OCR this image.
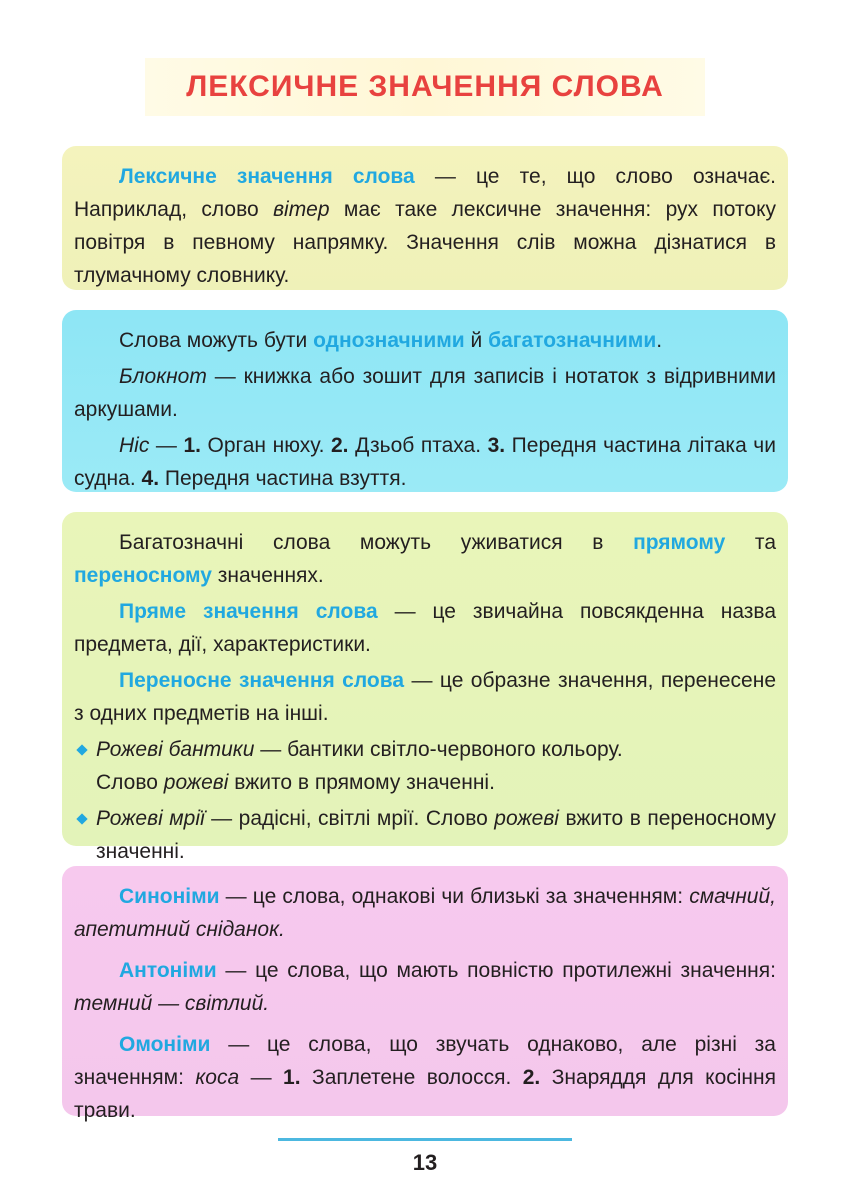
ЛЕКСИЧНЕ ЗНАЧЕННЯ СЛОВА

Лексичне значення слова — це те, що слово означає. Наприклад, слово вітер має таке лексичне значення: рух потоку повітря в певному напрямку. Значення слів можна дізнатися в тлумачному словнику.

Слова можуть бути однозначними й багатозначними.

Блокнот — книжка або зошит для записів і нотаток з відривними аркушами.

Ніс — 1. Орган нюху. 2. Дзьоб птаха. 3. Передня частина літака чи судна. 4. Передня частина взуття.

Багатозначні слова можуть уживатися в прямому та переносному значеннях.

Пряме значення слова — це звичайна повсякденна назва предмета, дії, характеристики.

Переносне значення слова — це образне значення, перенесене з одних предметів на інші.

Рожеві бантики — бантики світло-червоного кольору.
Слово рожеві вжито в прямому значенні.

Рожеві мрії — радісні, світлі мрії. Слово рожеві вжито в переносному значенні.

Синоніми — це слова, однакові чи близькі за значенням: смачний, апетитний сніданок.

Антоніми — це слова, що мають повністю протилежні значення: темний — світлий.

Омоніми — це слова, що звучать однаково, але різні за значенням: коса — 1. Заплетене волосся. 2. Знаряддя для косіння трави.

13
